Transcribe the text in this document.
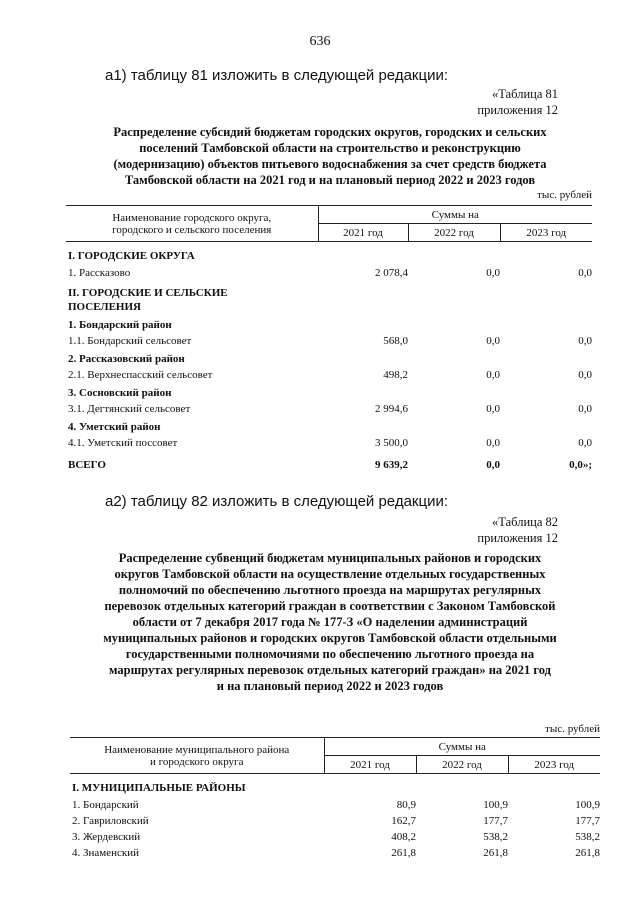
636
а1) таблицу 81 изложить в следующей редакции:
«Таблица 81
приложения 12
Распределение субсидий бюджетам городских округов, городских и сельских
поселений Тамбовской области на строительство и реконструкцию
(модернизацию) объектов питьевого водоснабжения за счет средств бюджета
Тамбовской области на 2021 год и на плановый период 2022 и 2023 годов
тыс. рублей
Наименование городского округа,
городского и сельского поселения	Суммы на		
	2021 год	2022 год	2023 год
I. ГОРОДСКИЕ ОКРУГА			
1. Рассказово	2 078,4	0,0	0,0
II. ГОРОДСКИЕ И СЕЛЬСКИЕ			
ПОСЕЛЕНИЯ			
1. Бондарский район			
1.1. Бондарский сельсовет	568,0	0,0	0,0
2. Рассказовский район			
2.1. Верхнеспасский сельсовет	498,2	0,0	0,0
3. Сосновский район			
3.1. Дегтянский сельсовет	2 994,6	0,0	0,0
4. Уметский район			
4.1. Уметский поссовет	3 500,0	0,0	0,0
ВСЕГО	9 639,2	0,0	0,0»;
а2) таблицу 82 изложить в следующей редакции:
«Таблица 82
приложения 12
Распределение субвенций бюджетам муниципальных районов и городских
округов Тамбовской области на осуществление отдельных государственных
полномочий по обеспечению льготного проезда на маршрутах регулярных
перевозок отдельных категорий граждан в соответствии с Законом Тамбовской
области от 7 декабря 2017 года № 177-З «О наделении администраций
муниципальных районов и городских округов Тамбовской области отдельными
государственными полномочиями по обеспечению льготного проезда на
маршрутах регулярных перевозок отдельных категорий граждан» на 2021 год
и на плановый период 2022 и 2023 годов
тыс. рублей
Наименование муниципального района
и городского округа	Суммы на		
	2021 год	2022 год	2023 год
I. МУНИЦИПАЛЬНЫЕ РАЙОНЫ			
1. Бондарский	80,9	100,9	100,9
2. Гавриловский	162,7	177,7	177,7
3. Жердевский	408,2	538,2	538,2
4. Знаменский	261,8	261,8	261,8
